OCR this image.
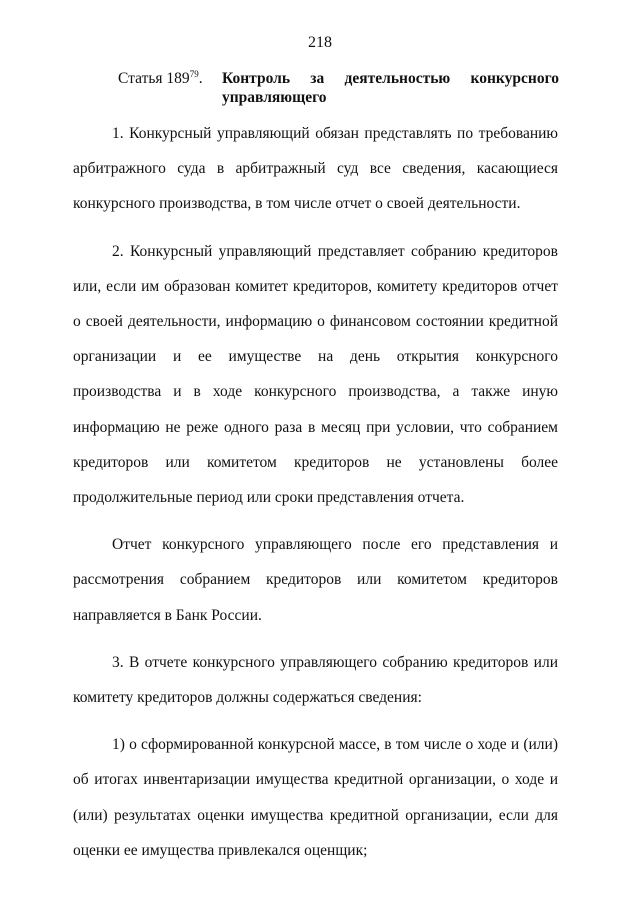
218
Статья $189^{79}$. Контроль за деятельностью конкурсного
управляющего

1. Конкурсный управляющий обязан представлять по требованию арбитражного суда в арбитражный суд все сведения, касающиеся конкурсного производства, в том числе отчет о своей деятельности.

2. Конкурсный управляющий представляет собранию кредиторов или, если им образован комитет кредиторов, комитету кредиторов отчет о своей деятельности, информацию о финансовом состоянии кредитной организации и ее имуществе на день открытия конкурсного производства и в ходе конкурсного производства, а также иную информацию не реже одного раза в месяц при условии, что собранием кредиторов или комитетом кредиторов не установлены более продолжительные период или сроки представления отчета.

Отчет конкурсного управляющего после его представления и рассмотрения собранием кредиторов или комитетом кредиторов направляется в Банк России.

3. В отчете конкурсного управляющего собранию кредиторов или комитету кредиторов должны содержаться сведения:

1) о сформированной конкурсной массе, в том числе о ходе и (или) об итогах инвентаризации имущества кредитной организации, о ходе и (или) результатах оценки имущества кредитной организации, если для оценки ее имущества привлекался оценщик;
